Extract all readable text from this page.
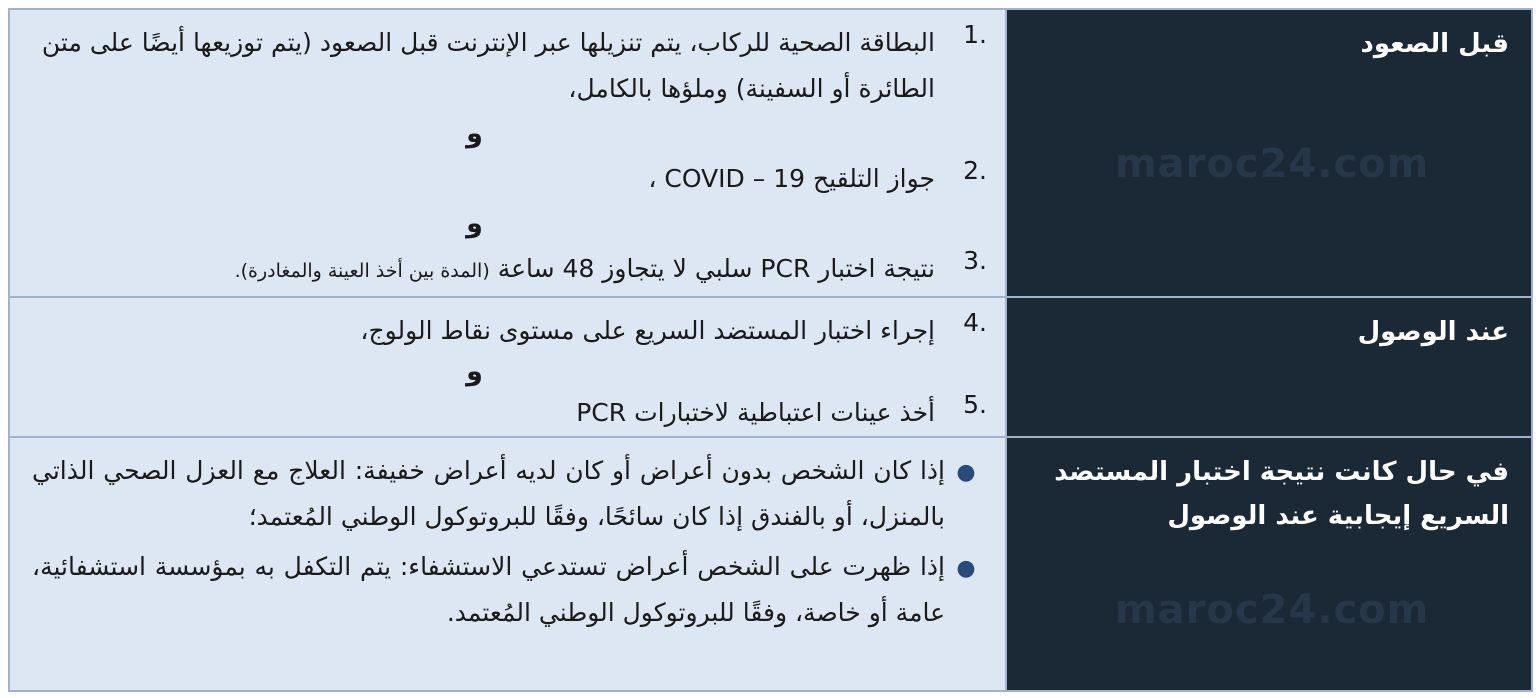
1.
البطاقة الصحية للركاب، يتم تنزيلها عبر الإنترنت قبل الصعود (يتم توزيعها أيضًا على متن الطائرة أو السفينة) وملؤها بالكامل،
و
2.
جواز التلقيح 19 – COVID ،
و
3.
نتيجة اختبار PCR سلبي لا يتجاوز 48 ساعة (المدة بين أخذ العينة والمغادرة).
قبل الصعود
maroc24.com
4.
إجراء اختبار المستضد السريع على مستوى نقاط الولوج،
و
5.
أخذ عينات اعتباطية لاختبارات PCR
عند الوصول
●
إذا كان الشخص بدون أعراض أو كان لديه أعراض خفيفة: العلاج مع العزل الصحي الذاتي بالمنزل، أو بالفندق إذا كان سائحًا، وفقًا للبروتوكول الوطني المُعتمد؛
●
إذا ظهرت على الشخص أعراض تستدعي الاستشفاء: يتم التكفل به بمؤسسة استشفائية، عامة أو خاصة، وفقًا للبروتوكول الوطني المُعتمد.
في حال كانت نتيجة اختبار المستضد السريع إيجابية عند الوصول
maroc24.com
